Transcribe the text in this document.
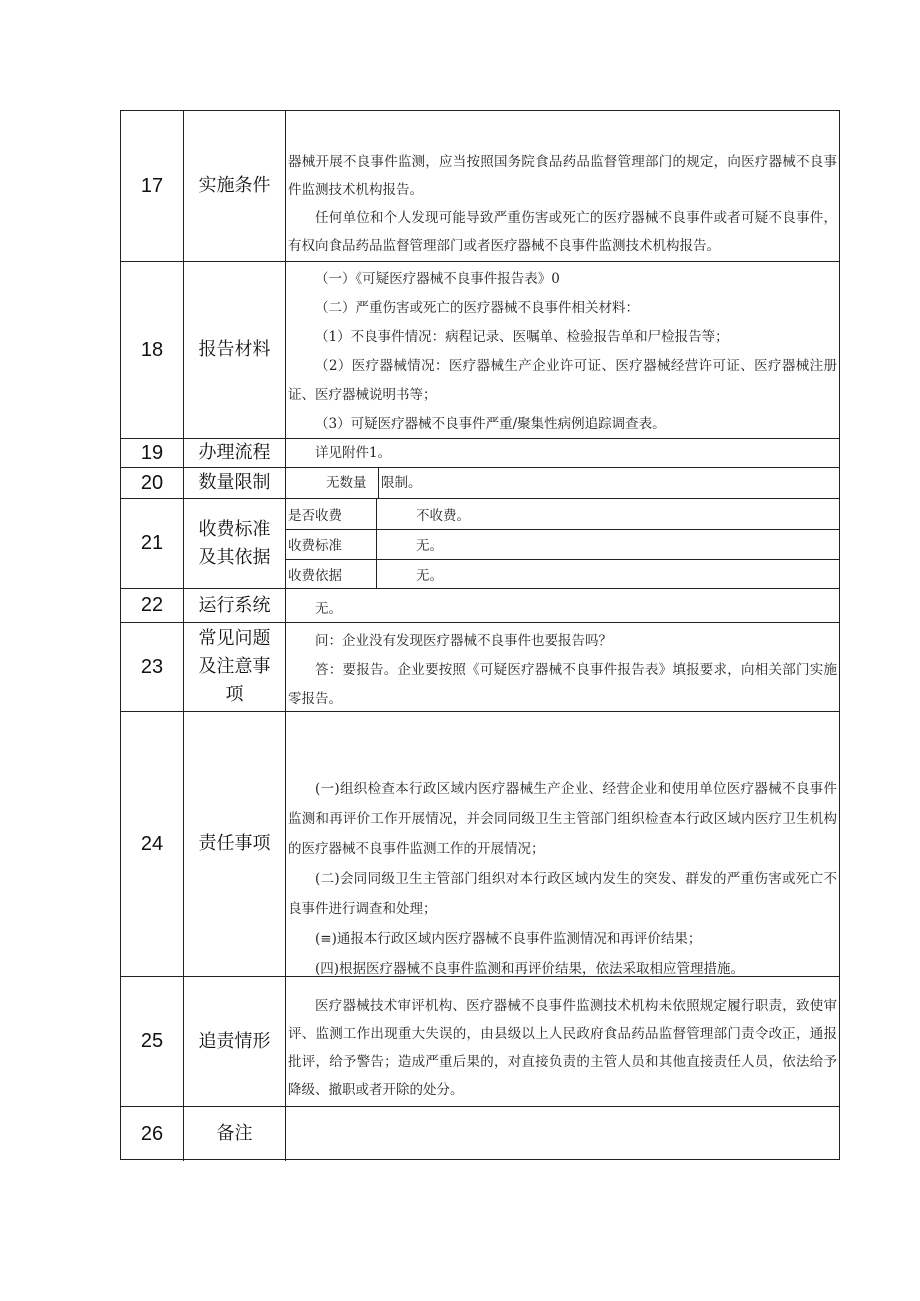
17	实施条件

器械开展不良事件监测，应当按照国务院食品药品监督管理部门的规定，向医疗器械不良事件监测技术机构报告。

任何单位和个人发现可能导致严重伤害或死亡的医疗器械不良事件或者可疑不良事件，有权向食品药品监督管理部门或者医疗器械不良事件监测技术机构报告。

18	报告材料

（一）《可疑医疗器械不良事件报告表》0

（二）严重伤害或死亡的医疗器械不良事件相关材料：

（1）不良事件情况：病程记录、医嘱单、检验报告单和尸检报告等；

（2）医疗器械情况：医疗器械生产企业许可证、医疗器械经营许可证、医疗器械注册证、医疗器械说明书等；

（3）可疑医疗器械不良事件严重/聚集性病例追踪调查表。

19	办理流程	详见附件1。

20	数量限制	无数量 限制。
21
收费标准及其依据
是否收费	不收费。
收费标准	无。
收费依据	无。
22	运行系统	无。

23
常见问题及注意事项

问：企业没有发现医疗器械不良事件也要报告吗？

答：要报告。企业要按照《可疑医疗器械不良事件报告表》填报要求，向相关部门实施零报告。

24	责任事项

(一)组织检查本行政区域内医疗器械生产企业、经营企业和使用单位医疗器械不良事件监测和再评价工作开展情况，并会同同级卫生主管部门组织检查本行政区域内医疗卫生机构的医疗器械不良事件监测工作的开展情况；

(二)会同同级卫生主管部门组织对本行政区域内发生的突发、群发的严重伤害或死亡不良事件进行调查和处理；

(≡)通报本行政区域内医疗器械不良事件监测情况和再评价结果；

(四)根据医疗器械不良事件监测和再评价结果，依法采取相应管理措施。

25	追责情形

医疗器械技术审评机构、医疗器械不良事件监测技术机构未依照规定履行职责，致使审评、监测工作出现重大失误的，由县级以上人民政府食品药品监督管理部门责令改正，通报批评，给予警告；造成严重后果的，对直接负责的主管人员和其他直接责任人员，依法给予降级、撤职或者开除的处分。

26	备注
